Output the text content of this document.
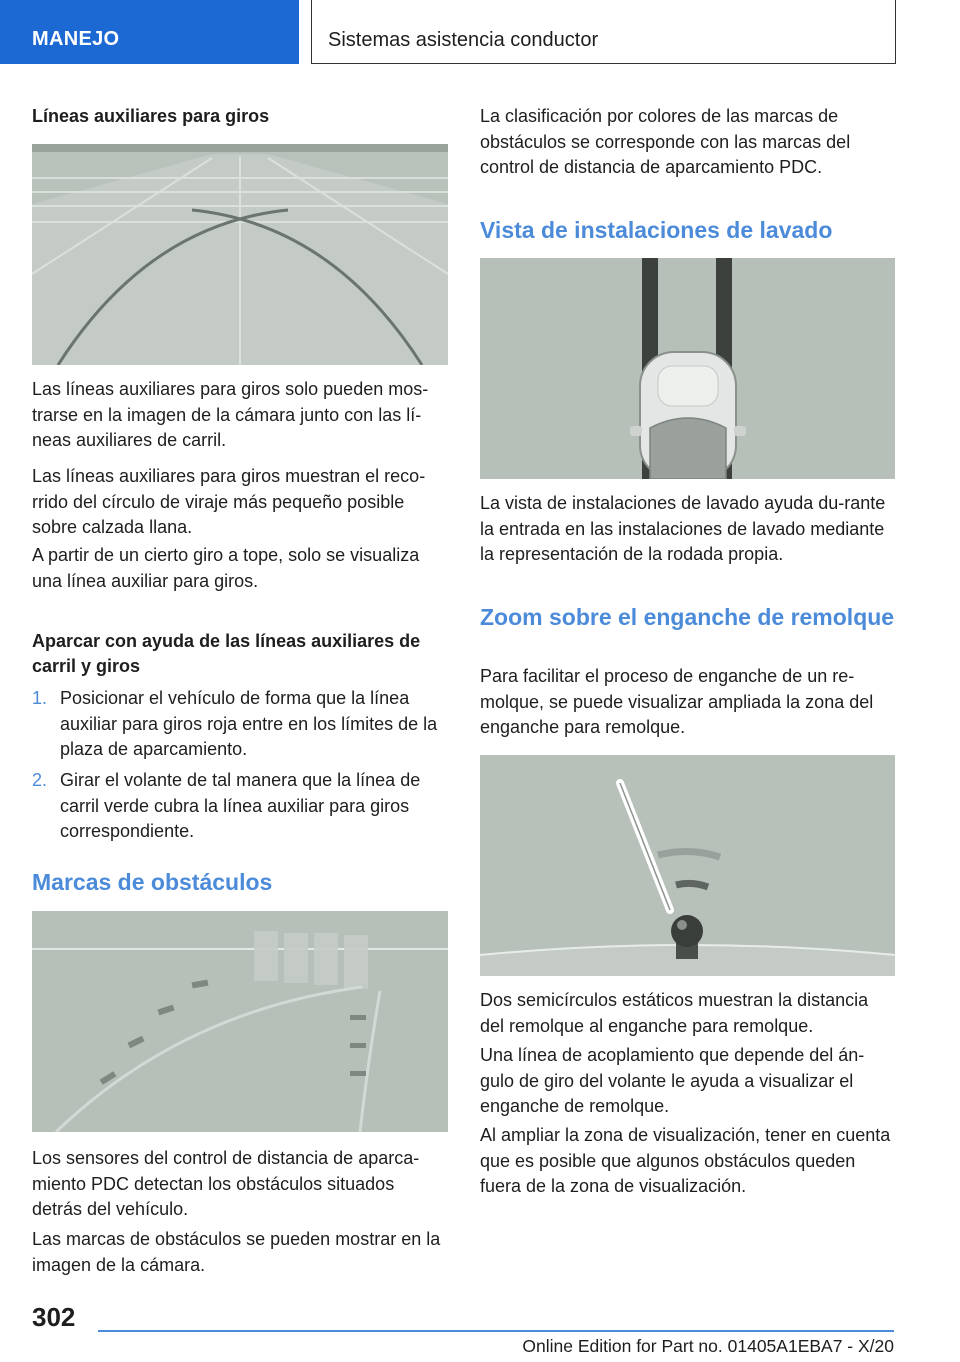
MANEJO	Sistemas asistencia conductor
Líneas auxiliares para giros
Las líneas auxiliares para giros solo pueden mos-trarse en la imagen de la cámara junto con las lí-neas auxiliares de carril.
Las líneas auxiliares para giros muestran el reco-rrido del círculo de viraje más pequeño posible sobre calzada llana.
A partir de un cierto giro a tope, solo se visualiza una línea auxiliar para giros.
Aparcar con ayuda de las líneas auxiliares de carril y giros
1. Posicionar el vehículo de forma que la línea auxiliar para giros roja entre en los límites de la plaza de aparcamiento.
2. Girar el volante de tal manera que la línea de carril verde cubra la línea auxiliar para giros correspondiente.
Marcas de obstáculos
Los sensores del control de distancia de aparca-miento PDC detectan los obstáculos situados detrás del vehículo.
Las marcas de obstáculos se pueden mostrar en la imagen de la cámara.
La clasificación por colores de las marcas de obstáculos se corresponde con las marcas del control de distancia de aparcamiento PDC.
Vista de instalaciones de lavado
La vista de instalaciones de lavado ayuda du-rante la entrada en las instalaciones de lavado mediante la representación de la rodada propia.
Zoom sobre el enganche de remolque
Para facilitar el proceso de enganche de un re-molque, se puede visualizar ampliada la zona del enganche para remolque.
Dos semicírculos estáticos muestran la distancia del remolque al enganche para remolque.
Una línea de acoplamiento que depende del án-gulo de giro del volante le ayuda a visualizar el enganche de remolque.
Al ampliar la zona de visualización, tener en cuenta que es posible que algunos obstáculos queden fuera de la zona de visualización.
302
Online Edition for Part no. 01405A1EBA7 - X/20
